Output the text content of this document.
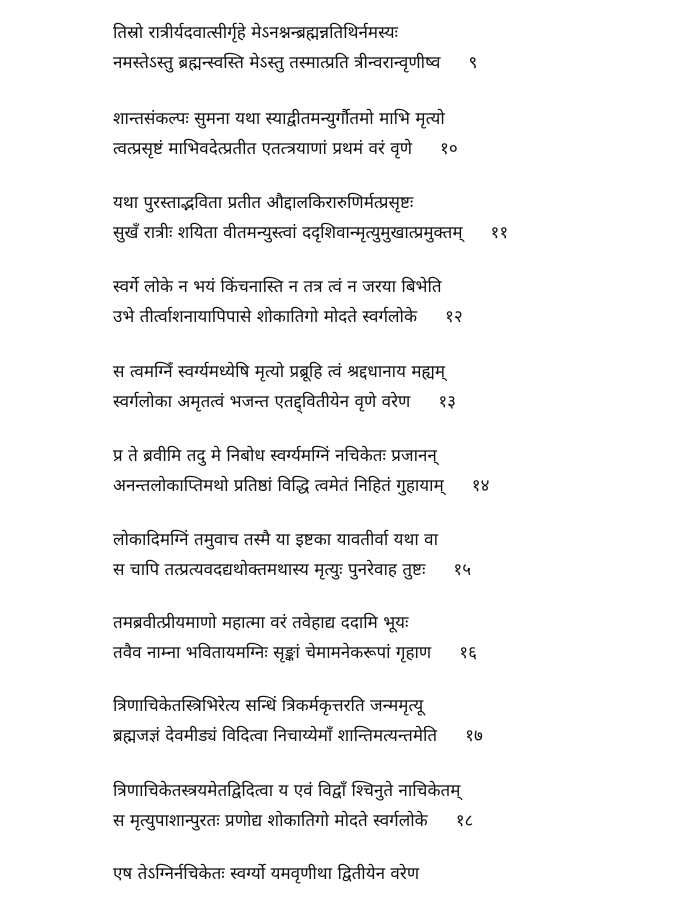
तिस्रो रात्रीर्यदवात्सीर्गृहे मेऽनश्नन्ब्रह्मन्नतिथिर्नमस्यः
नमस्तेऽस्तु ब्रह्मन्स्वस्ति मेऽस्तु तस्मात्प्रति त्रीन्वरान्वृणीष्व ९
शान्तसंकल्पः सुमना यथा स्याद्वीतमन्युर्गौतमो माभि मृत्यो
त्वत्प्रसृष्टं माभिवदेत्प्रतीत एतत्त्रयाणां प्रथमं वरं वृणे १०
यथा पुरस्ताद्भविता प्रतीत औद्दालकिरारुणिर्मत्प्रसृष्टः
सुखँ रात्रीः शयिता वीतमन्युस्त्वां ददृशिवान्मृत्युमुखात्प्रमुक्तम् ११
स्वर्गे लोके न भयं किंचनास्ति न तत्र त्वं न जरया बिभेति
उभे तीर्त्वाशनायापिपासे शोकातिगो मोदते स्वर्गलोके १२
स त्वमग्निँ स्वर्ग्यमध्येषि मृत्यो प्रब्रूहि त्वं श्रद्दधानाय मह्यम्
स्वर्गलोका अमृतत्वं भजन्त एतद्द्वितीयेन वृणे वरेण १३
प्र ते ब्रवीमि तदु मे निबोध स्वर्ग्यमग्निं नचिकेतः प्रजानन्
अनन्तलोकाप्तिमथो प्रतिष्ठां विद्धि त्वमेतं निहितं गुहायाम् १४
लोकादिमग्निं तमुवाच तस्मै या इष्टका यावतीर्वा यथा वा
स चापि तत्प्रत्यवदद्यथोक्तमथास्य मृत्युः पुनरेवाह तुष्टः १५
तमब्रवीत्प्रीयमाणो महात्मा वरं तवेहाद्य ददामि भूयः
तवैव नाम्ना भवितायमग्निः सृङ्कां चेमामनेकरूपां गृहाण १६
त्रिणाचिकेतस्त्रिभिरेत्य सन्धिं त्रिकर्मकृत्तरति जन्ममृत्यू
ब्रह्मजज्ञं देवमीड्यं विदित्वा निचाय्येमाँ शान्तिमत्यन्तमेति १७
त्रिणाचिकेतस्त्रयमेतद्विदित्वा य एवं विद्वाँ श्चिनुते नाचिकेतम्
स मृत्युपाशान्पुरतः प्रणोद्य शोकातिगो मोदते स्वर्गलोके १८
एष तेऽग्निर्नचिकेतः स्वर्ग्यो यमवृणीथा द्वितीयेन वरेण
